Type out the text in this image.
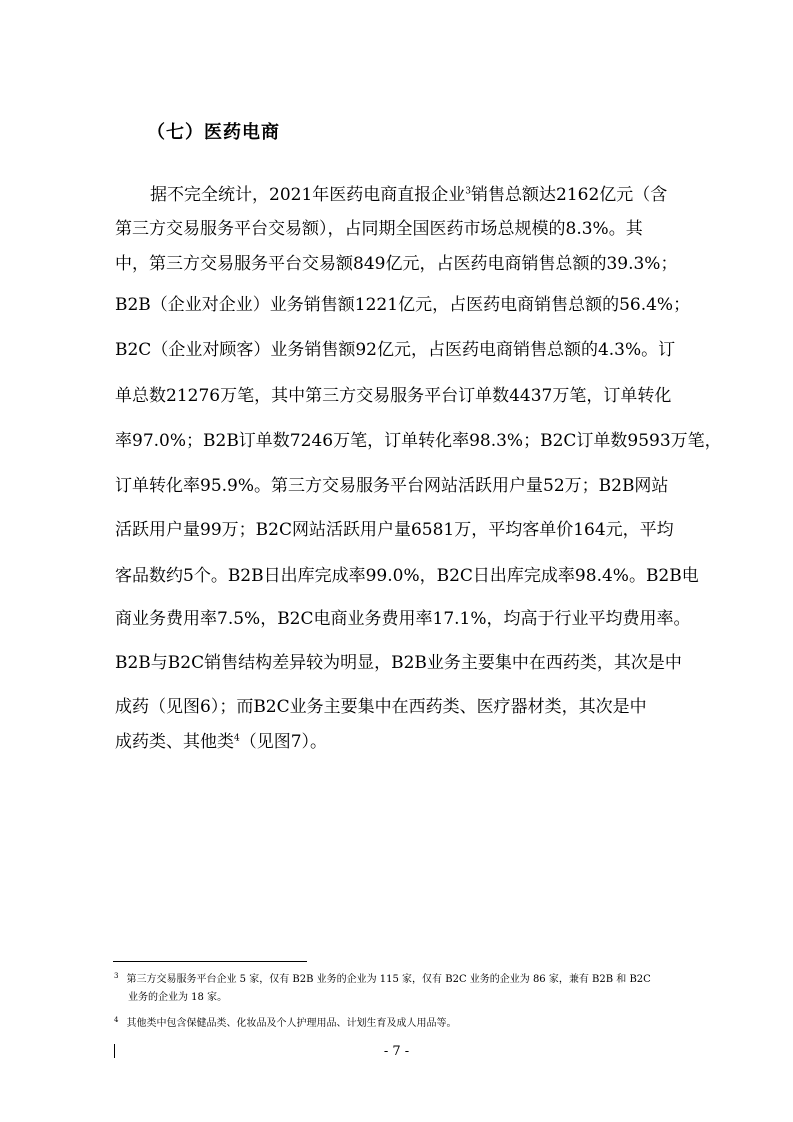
（七）医药电商
据不完全统计，2021年医药电商直报企业$^3$销售总额达2162亿元（含
第三方交易服务平台交易额），占同期全国医药市场总规模的8.3%。其
中，第三方交易服务平台交易额849亿元，占医药电商销售总额的39.3%；
B2B（企业对企业）业务销售额1221亿元，占医药电商销售总额的56.4%；
B2C（企业对顾客）业务销售额92亿元，占医药电商销售总额的4.3%。订
单总数21276万笔，其中第三方交易服务平台订单数4437万笔，订单转化
率97.0%；B2B订单数7246万笔，订单转化率98.3%；B2C订单数9593万笔，
订单转化率95.9%。第三方交易服务平台网站活跃用户量52万；B2B网站
活跃用户量99万；B2C网站活跃用户量6581万，平均客单价164元，平均
客品数约5个。B2B日出库完成率99.0%，B2C日出库完成率98.4%。B2B电
商业务费用率7.5%，B2C电商业务费用率17.1%，均高于行业平均费用率。
B2B与B2C销售结构差异较为明显，B2B业务主要集中在西药类，其次是中
成药（见图6）；而B2C业务主要集中在西药类、医疗器材类，其次是中
成药类、其他类$^4$（见图7）。
$^3$ 第三方交易服务平台企业 5 家，仅有 B2B 业务的企业为 115 家，仅有 B2C 业务的企业为 86 家，兼有 B2B 和 B2C
业务的企业为 18 家。
$^4$ 其他类中包含保健品类、化妆品及个人护理用品、计划生育及成人用品等。
- 7 -
